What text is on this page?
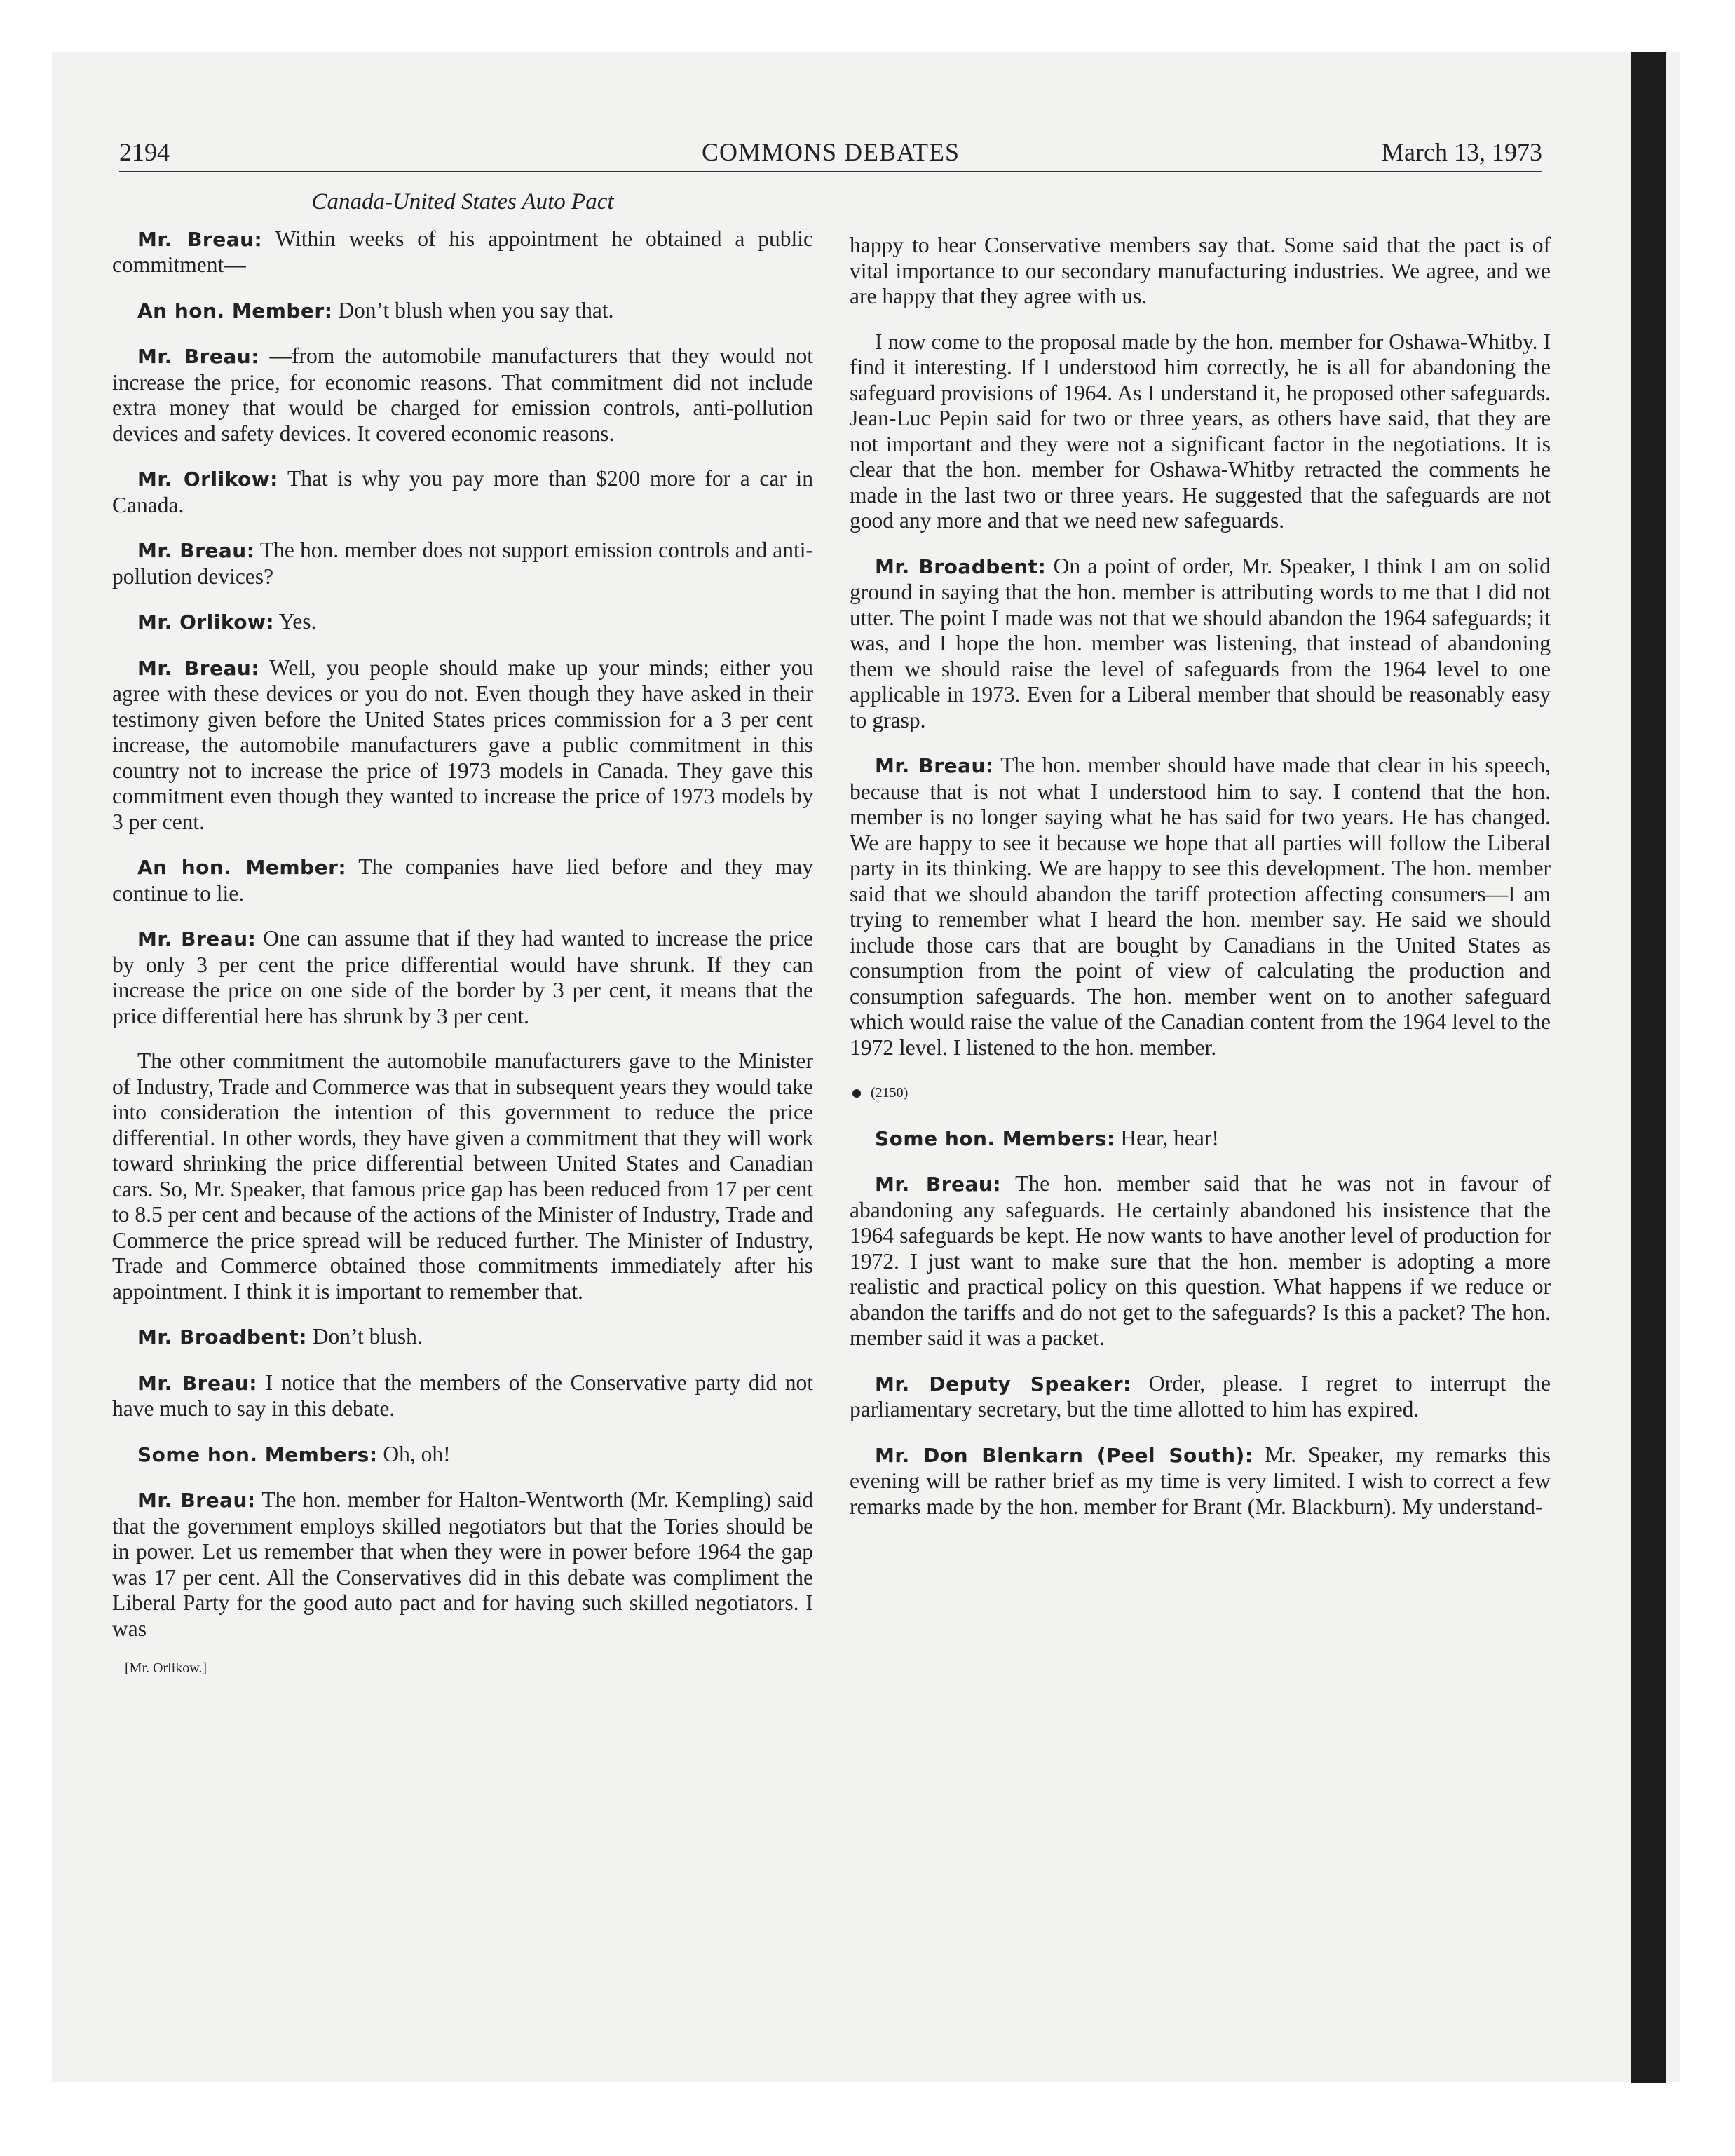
2194	COMMONS DEBATES	March 13, 1973
Canada-United States Auto Pact

Mr. Breau: Within weeks of his appointment he obtained a public commitment—

An hon. Member: Don’t blush when you say that.

Mr. Breau: —from the automobile manufacturers that they would not increase the price, for economic reasons. That commitment did not include extra money that would be charged for emission controls, anti-pollution devices and safety devices. It covered economic reasons.

Mr. Orlikow: That is why you pay more than $200 more for a car in Canada.

Mr. Breau: The hon. member does not support emission controls and anti-pollution devices?

Mr. Orlikow: Yes.

Mr. Breau: Well, you people should make up your minds; either you agree with these devices or you do not. Even though they have asked in their testimony given before the United States prices commission for a 3 per cent increase, the automobile manufacturers gave a public commitment in this country not to increase the price of 1973 models in Canada. They gave this commitment even though they wanted to increase the price of 1973 models by 3 per cent.

An hon. Member: The companies have lied before and they may continue to lie.

Mr. Breau: One can assume that if they had wanted to increase the price by only 3 per cent the price differential would have shrunk. If they can increase the price on one side of the border by 3 per cent, it means that the price differential here has shrunk by 3 per cent.

The other commitment the automobile manufacturers gave to the Minister of Industry, Trade and Commerce was that in subsequent years they would take into consideration the intention of this government to reduce the price differential. In other words, they have given a commitment that they will work toward shrinking the price differential between United States and Canadian cars. So, Mr. Speaker, that famous price gap has been reduced from 17 per cent to 8.5 per cent and because of the actions of the Minister of Industry, Trade and Commerce the price spread will be reduced further. The Minister of Industry, Trade and Commerce obtained those commitments immediately after his appointment. I think it is important to remember that.

Mr. Broadbent: Don’t blush.

Mr. Breau: I notice that the members of the Conservative party did not have much to say in this debate.

Some hon. Members: Oh, oh!

Mr. Breau: The hon. member for Halton-Wentworth (Mr. Kempling) said that the government employs skilled negotiators but that the Tories should be in power. Let us remember that when they were in power before 1964 the gap was 17 per cent. All the Conservatives did in this debate was compliment the Liberal Party for the good auto pact and for having such skilled negotiators. I was

[Mr. Orlikow.]

happy to hear Conservative members say that. Some said that the pact is of vital importance to our secondary manufacturing industries. We agree, and we are happy that they agree with us.

I now come to the proposal made by the hon. member for Oshawa-Whitby. I find it interesting. If I understood him correctly, he is all for abandoning the safeguard provisions of 1964. As I understand it, he proposed other safeguards. Jean-Luc Pepin said for two or three years, as others have said, that they are not important and they were not a significant factor in the negotiations. It is clear that the hon. member for Oshawa-Whitby retracted the comments he made in the last two or three years. He suggested that the safeguards are not good any more and that we need new safeguards.

Mr. Broadbent: On a point of order, Mr. Speaker, I think I am on solid ground in saying that the hon. member is attributing words to me that I did not utter. The point I made was not that we should abandon the 1964 safeguards; it was, and I hope the hon. member was listening, that instead of abandoning them we should raise the level of safeguards from the 1964 level to one applicable in 1973. Even for a Liberal member that should be reasonably easy to grasp.

Mr. Breau: The hon. member should have made that clear in his speech, because that is not what I understood him to say. I contend that the hon. member is no longer saying what he has said for two years. He has changed. We are happy to see it because we hope that all parties will follow the Liberal party in its thinking. We are happy to see this development. The hon. member said that we should abandon the tariff protection affecting consumers—I am trying to remember what I heard the hon. member say. He said we should include those cars that are bought by Canadians in the United States as consumption from the point of view of calculating the production and consumption safeguards. The hon. member went on to another safeguard which would raise the value of the Canadian content from the 1964 level to the 1972 level. I listened to the hon. member.

(2150)

Some hon. Members: Hear, hear!

Mr. Breau: The hon. member said that he was not in favour of abandoning any safeguards. He certainly abandoned his insistence that the 1964 safeguards be kept. He now wants to have another level of production for 1972. I just want to make sure that the hon. member is adopting a more realistic and practical policy on this question. What happens if we reduce or abandon the tariffs and do not get to the safeguards? Is this a packet? The hon. member said it was a packet.

Mr. Deputy Speaker: Order, please. I regret to interrupt the parliamentary secretary, but the time allotted to him has expired.

Mr. Don Blenkarn (Peel South): Mr. Speaker, my remarks this evening will be rather brief as my time is very limited. I wish to correct a few remarks made by the hon. member for Brant (Mr. Blackburn). My understand-
